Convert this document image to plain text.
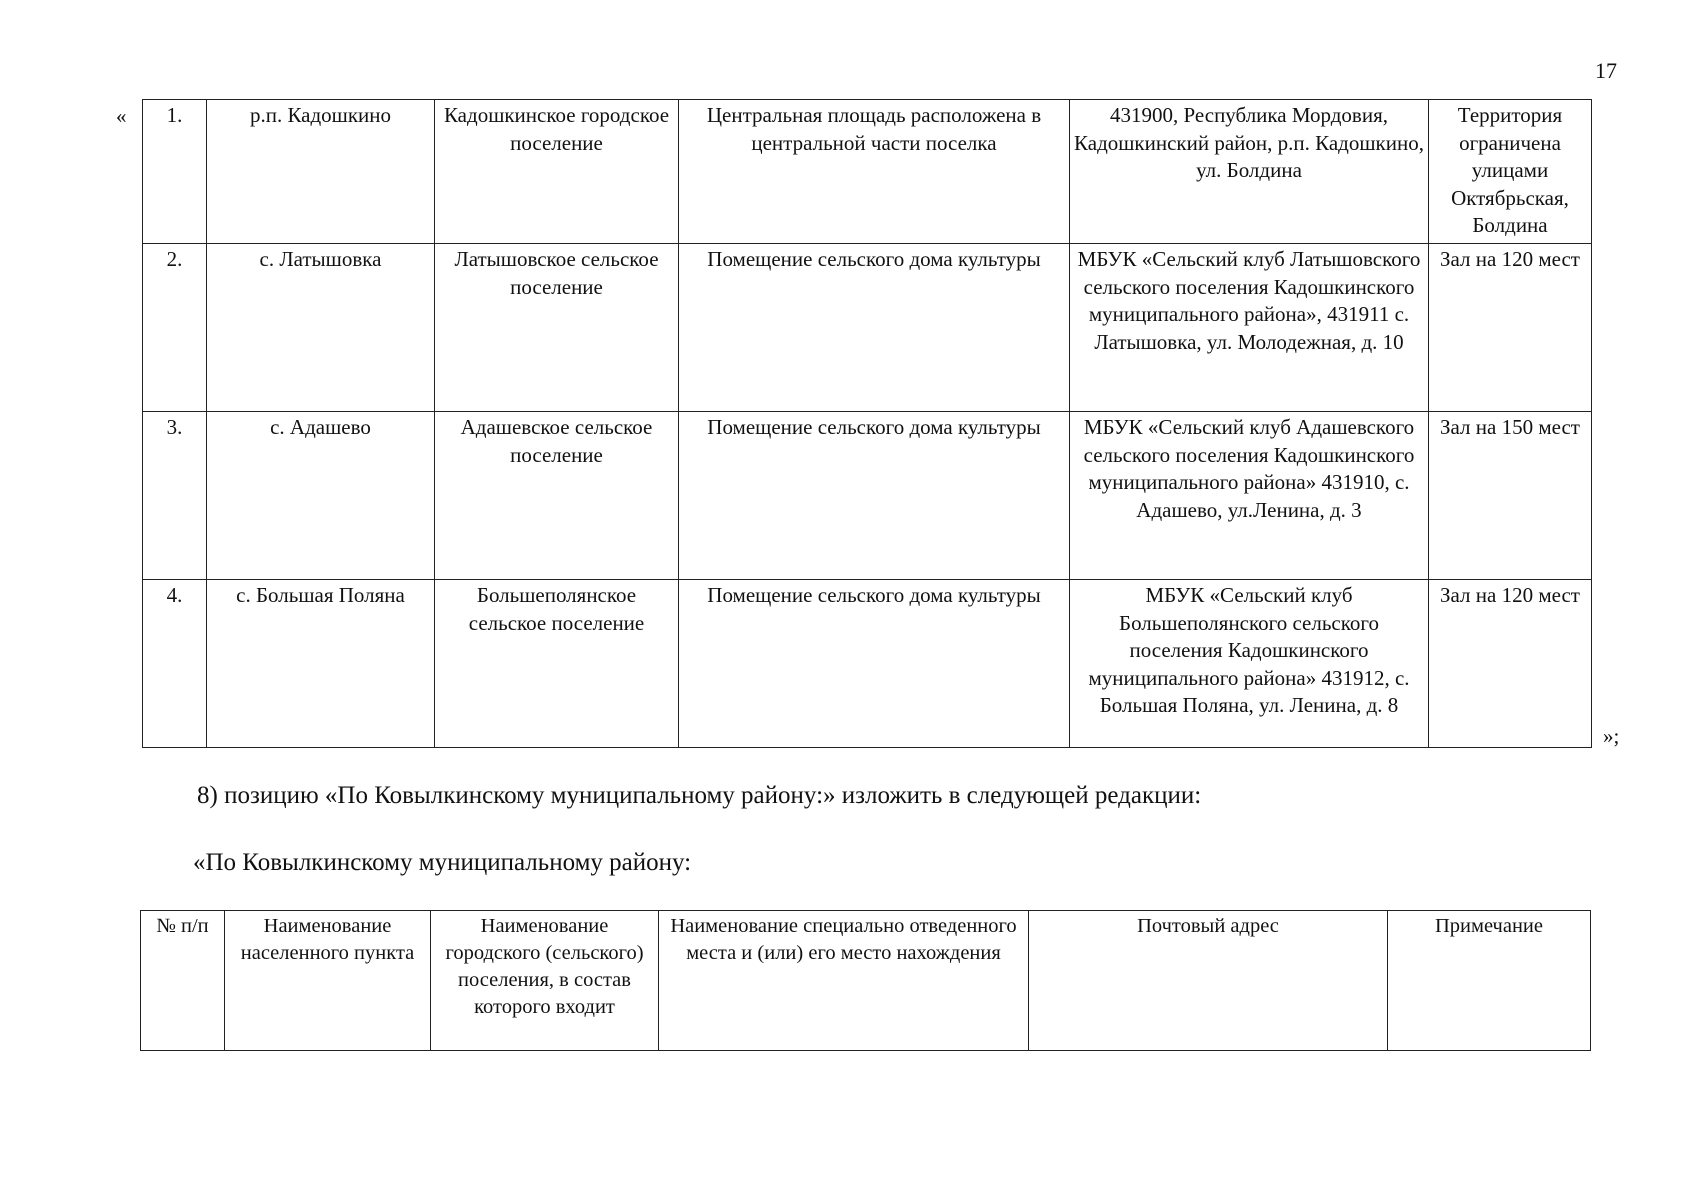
17
« 1.	р.п. Кадошкино	Кадошкинское городское поселение	Центральная площадь расположена в центральной части поселка	431900, Республика Мордовия, Кадошкинский район, р.п. Кадошкино, ул. Болдина	Территория ограничена улицами Октябрьская, Болдина
2.	с. Латышовка	Латышовское сельское поселение	Помещение сельского дома культуры	МБУК «Сельский клуб Латышовского сельского поселения Кадошкинского муниципального района», 431911 с. Латышовка, ул. Молодежная, д. 10	Зал на 120 мест
3.	с. Адашево	Адашевское сельское поселение	Помещение сельского дома культуры	МБУК «Сельский клуб Адашевского сельского поселения Кадошкинского муниципального района» 431910, с. Адашево, ул.Ленина, д. 3	Зал на 150 мест
4.	с. Большая Поляна	Большеполянское сельское поселение	Помещение сельского дома культуры	МБУК «Сельский клуб Большеполянского сельского поселения Кадошкинского муниципального района» 431912, с. Большая Поляна, ул. Ленина, д. 8	Зал на 120 мест
»;
8) позицию «По Ковылкинскому муниципальному району:» изложить в следующей редакции:
«По Ковылкинскому муниципальному району:
№ п/п	Наименование населенного пункта	Наименование городского (сельского) поселения, в состав которого входит	Наименование специально отведенного места и (или) его место нахождения	Почтовый адрес	Примечание
